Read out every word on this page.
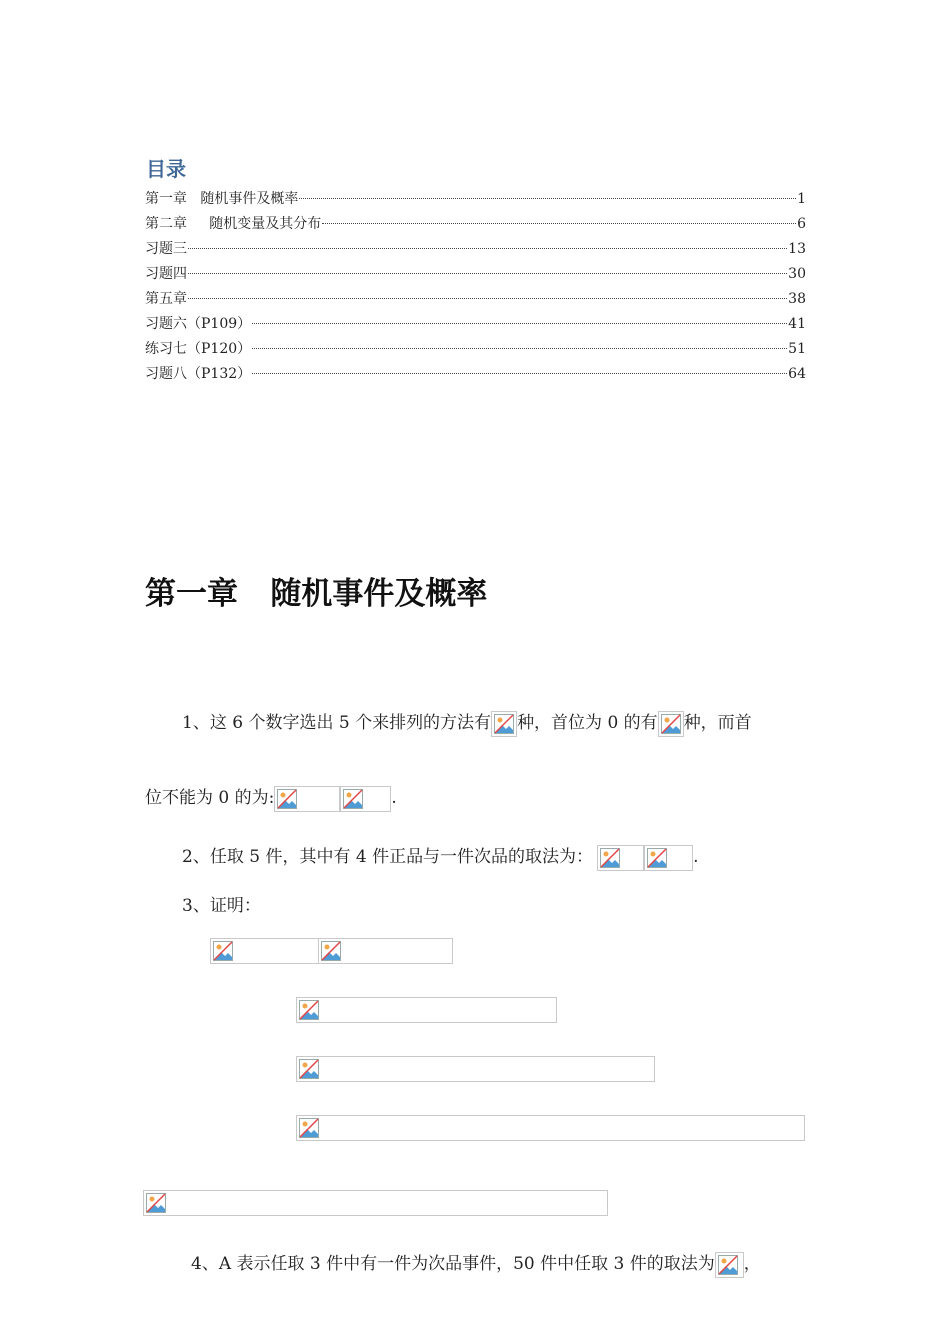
目录
第一章   随机事件及概率	1
第二章     随机变量及其分布	6
习题三	13
习题四	30
第五章	38
习题六（P109）	41
练习七（P120）	51
习题八（P132）	64
第一章   随机事件及概率
1、这 6 个数字选出 5 个来排列的方法有 种，首位为 0 的有 种，而首
位不能为 0 的为:	.
2、任取 5 件，其中有 4 件正品与一件次品的取法为：	.
3、证明：
4、A 表示任取 3 件中有一件为次品事件，50 件中任取 3 件的取法为 ，
